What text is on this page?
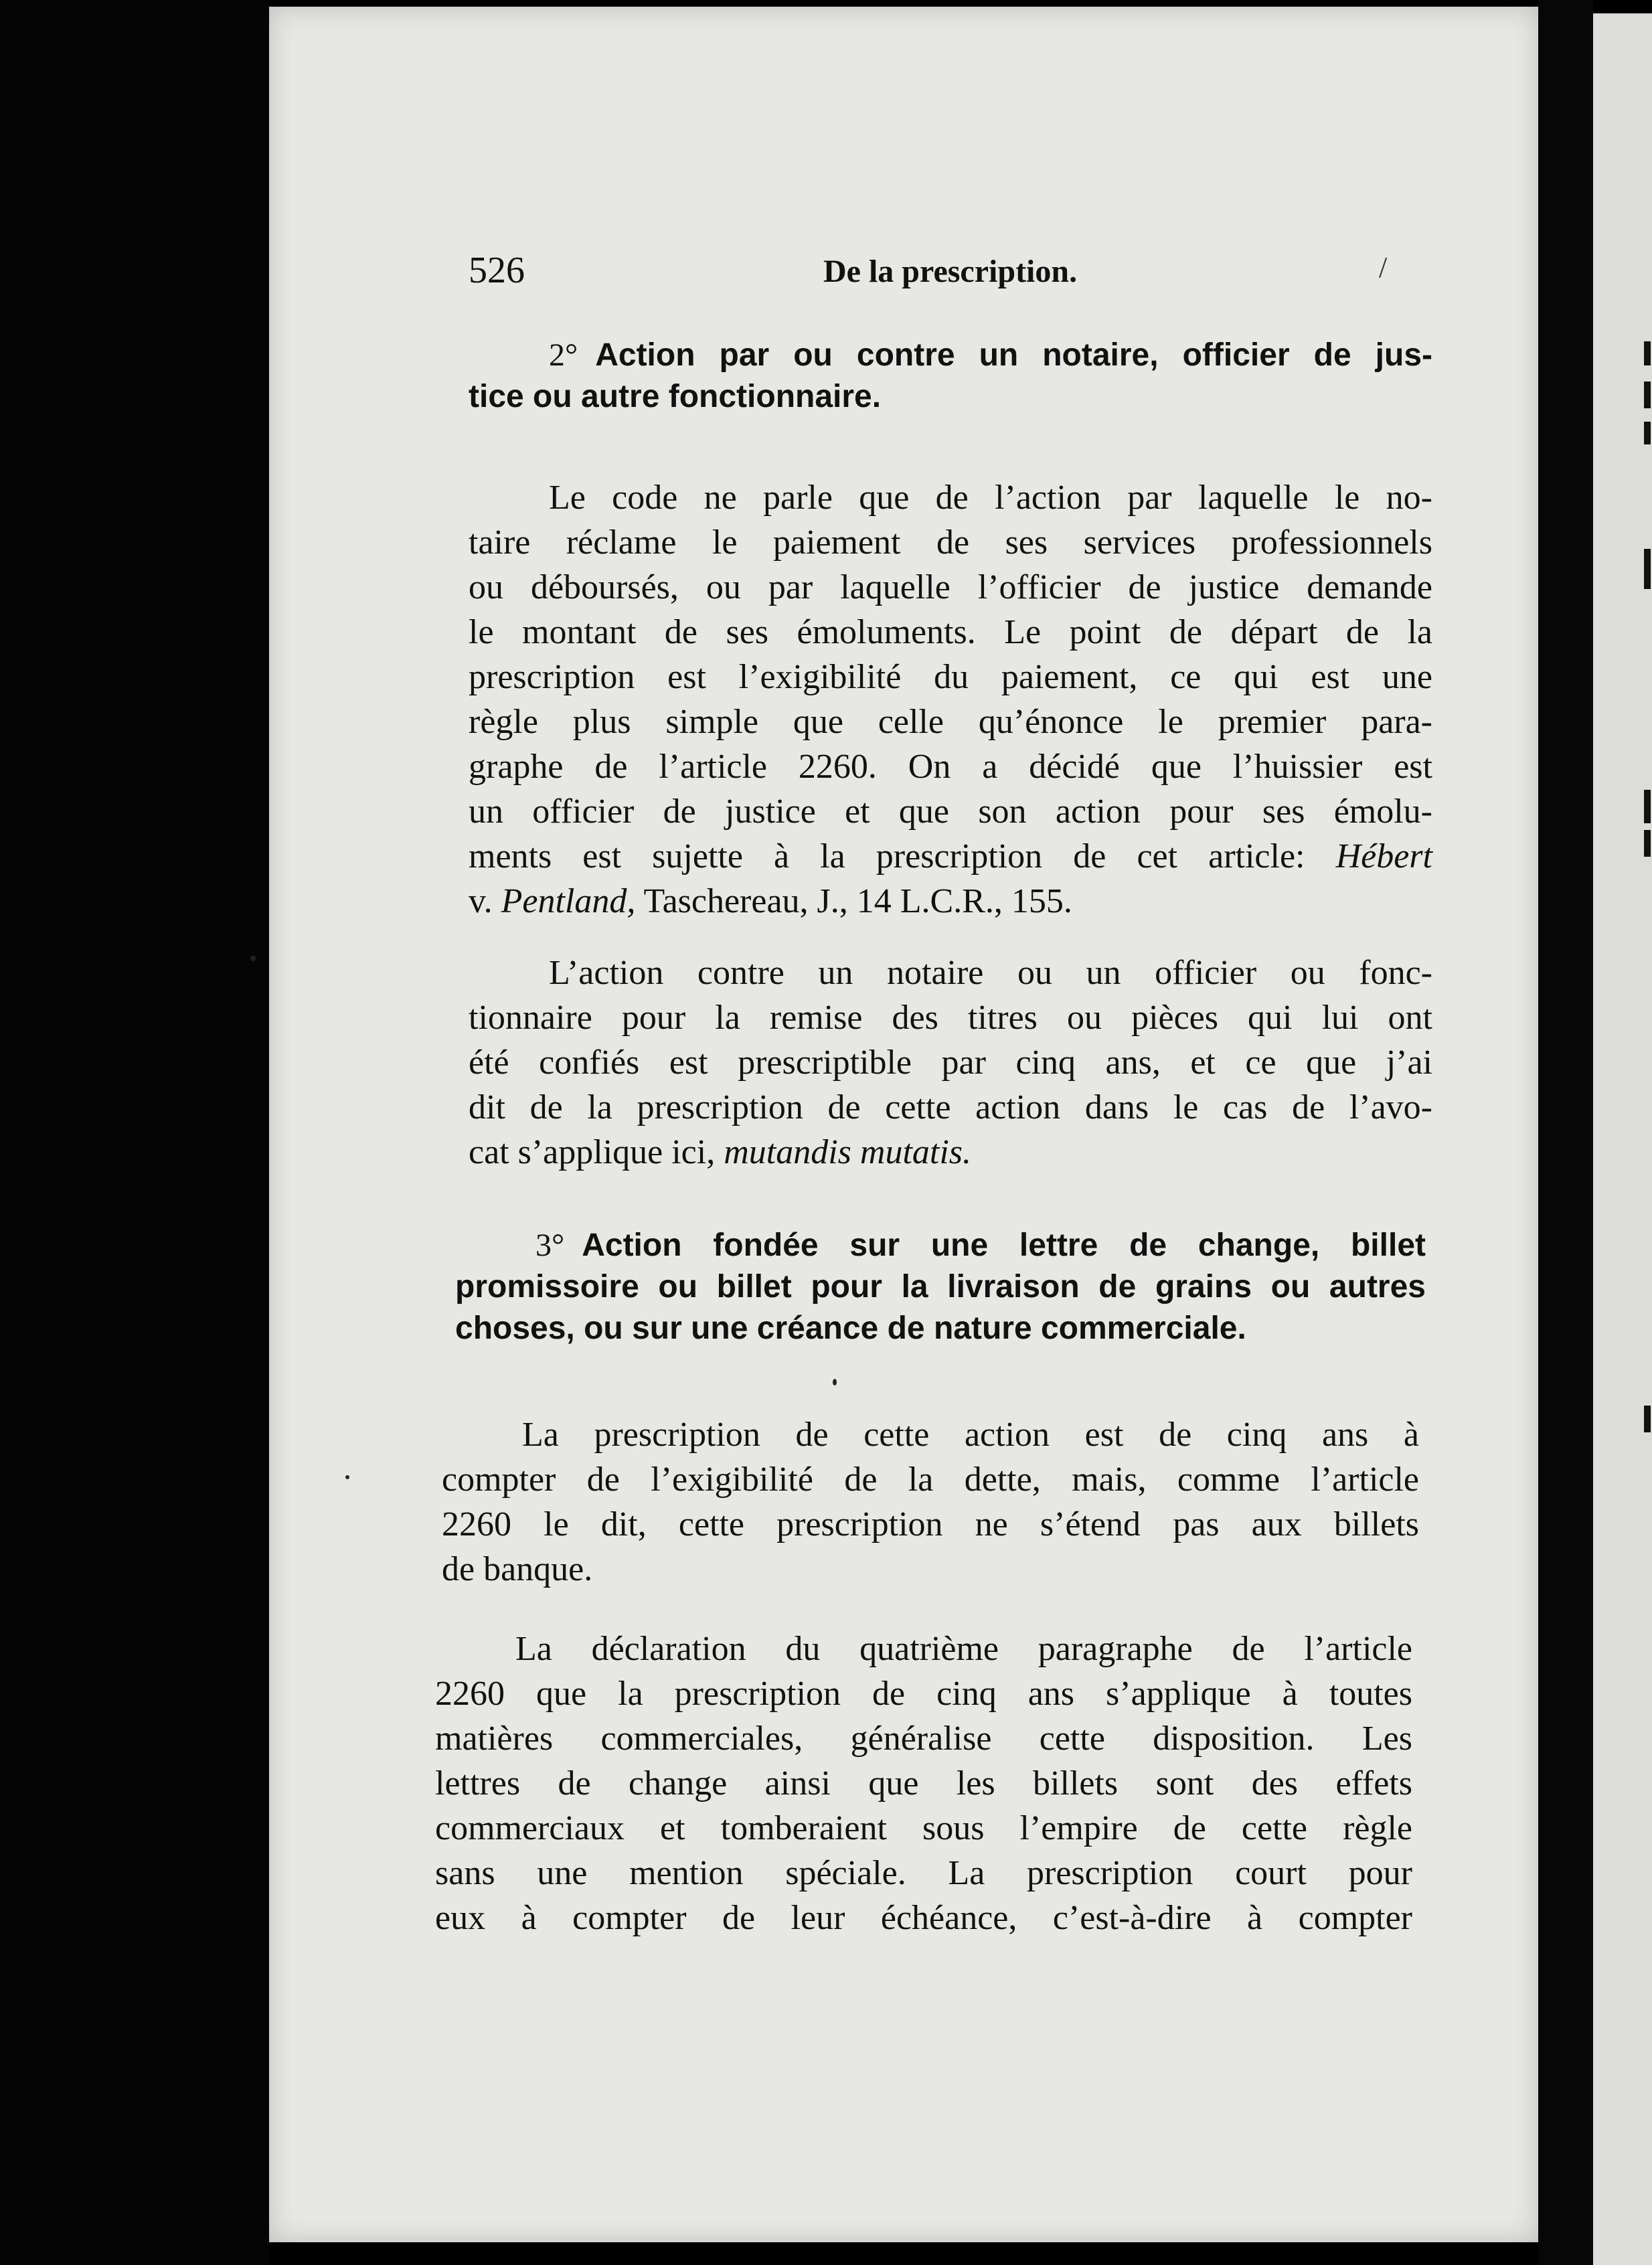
526	De la prescription.	/
2° Action par ou contre un notaire, officier de jus-
tice ou autre fonctionnaire.
Le code ne parle que de l’action par laquelle le no-
taire réclame le paiement de ses services professionnels
ou déboursés, ou par laquelle l’officier de justice demande
le montant de ses émoluments. Le point de départ de la
prescription est l’exigibilité du paiement, ce qui est une
règle plus simple que celle qu’énonce le premier para-
graphe de l’article 2260. On a décidé que l’huissier est
un officier de justice et que son action pour ses émolu-
ments est sujette à la prescription de cet article: Hébert
v. Pentland, Taschereau, J., 14 L.C.R., 155.
L’action contre un notaire ou un officier ou fonc-
tionnaire pour la remise des titres ou pièces qui lui ont
été confiés est prescriptible par cinq ans, et ce que j’ai
dit de la prescription de cette action dans le cas de l’avo-
cat s’applique ici, mutandis mutatis.
3° Action fondée sur une lettre de change, billet
promissoire ou billet pour la livraison de grains ou autres
choses, ou sur une créance de nature commerciale.
La prescription de cette action est de cinq ans à
compter de l’exigibilité de la dette, mais, comme l’article
2260 le dit, cette prescription ne s’étend pas aux billets
de banque.
La déclaration du quatrième paragraphe de l’article
2260 que la prescription de cinq ans s’applique à toutes
matières commerciales, généralise cette disposition. Les
lettres de change ainsi que les billets sont des effets
commerciaux et tomberaient sous l’empire de cette règle
sans une mention spéciale. La prescription court pour
eux à compter de leur échéance, c’est-à-dire à compter
